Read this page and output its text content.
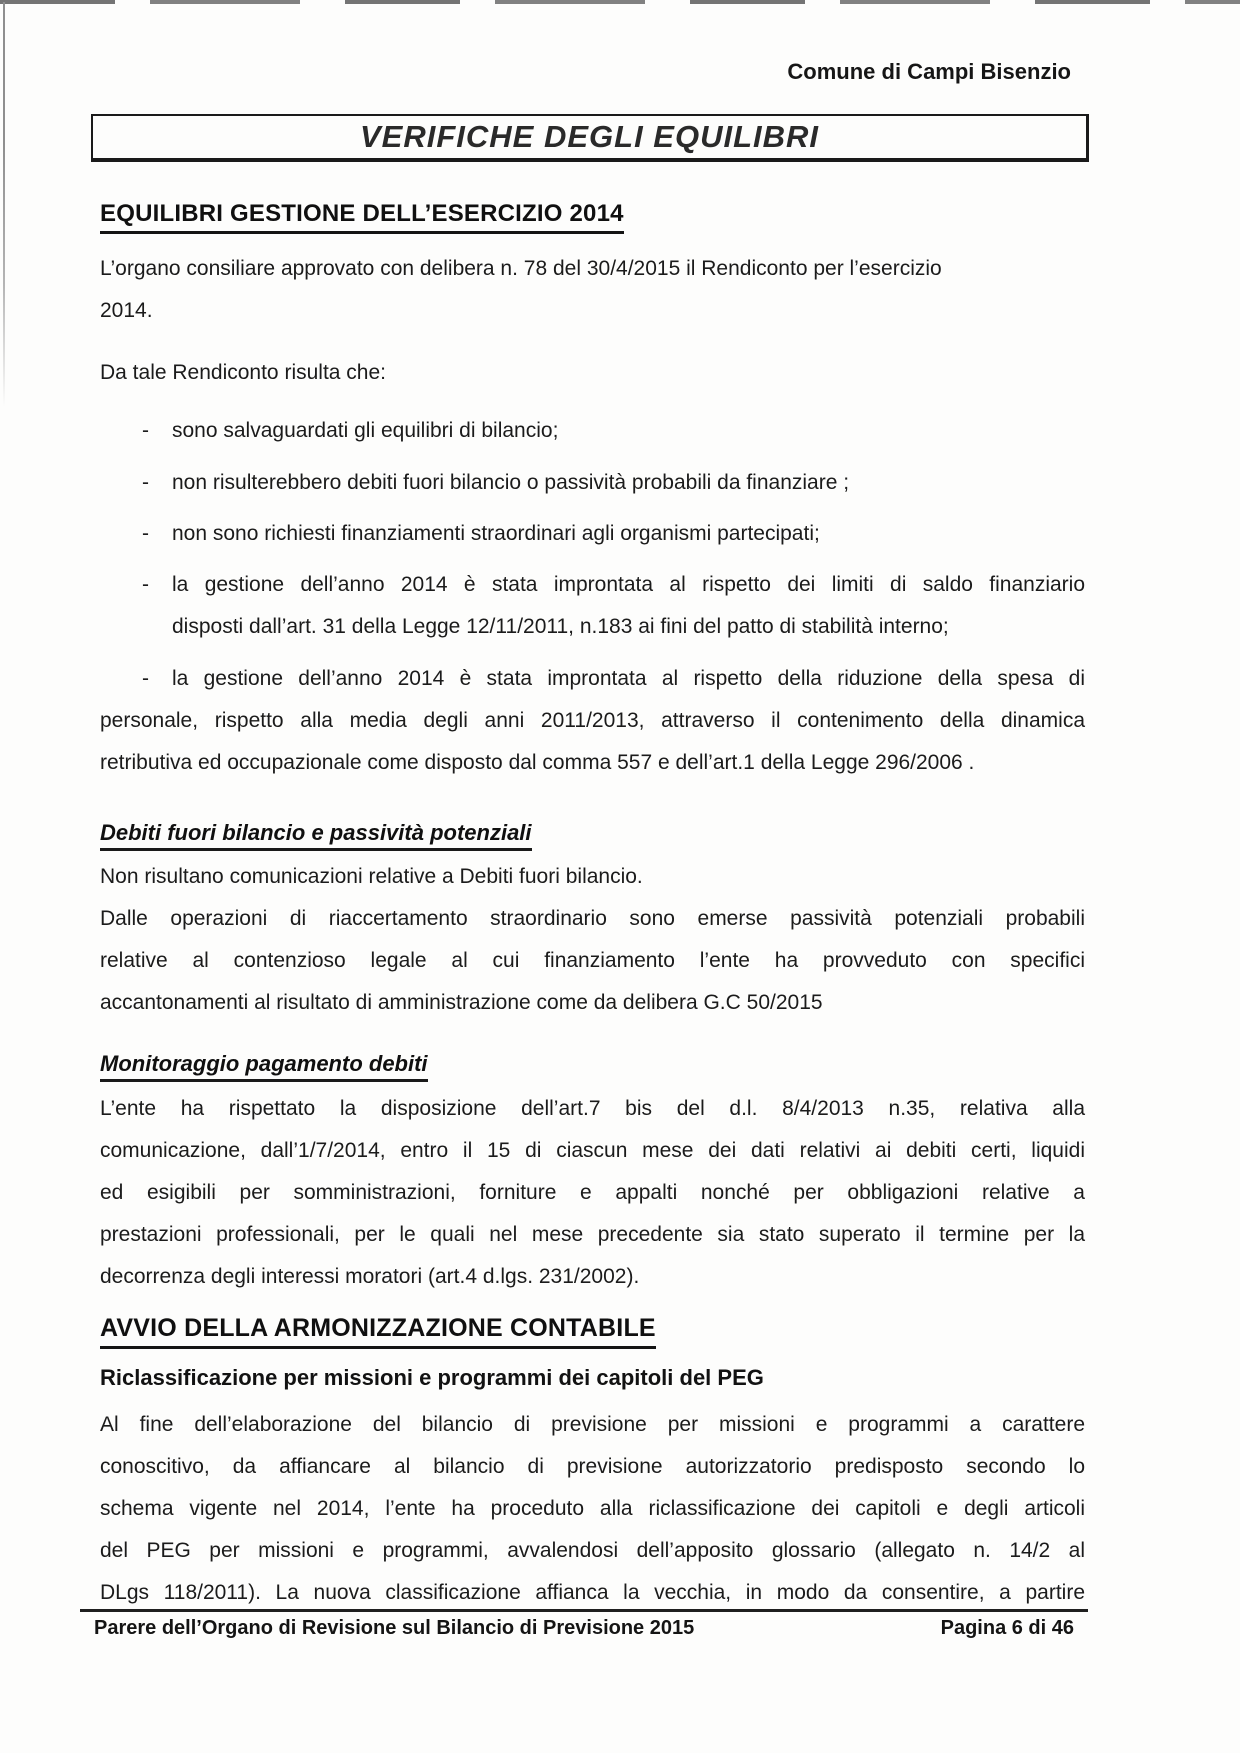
Comune di Campi Bisenzio
VERIFICHE DEGLI EQUILIBRI
EQUILIBRI GESTIONE DELL’ESERCIZIO 2014
L’organo consiliare approvato con delibera n. 78 del 30/4/2015 il Rendiconto per l’esercizio
2014.
Da tale Rendiconto risulta che:
- sono salvaguardati gli equilibri di bilancio;
- non risulterebbero debiti fuori bilancio o passività probabili da finanziare ;
- non sono richiesti finanziamenti straordinari agli organismi partecipati;
- la gestione dell’anno 2014 è stata improntata al rispetto dei limiti di saldo finanziario
disposti dall’art. 31 della Legge 12/11/2011, n.183 ai fini del patto di stabilità interno;
- la gestione dell’anno 2014 è stata improntata al rispetto della riduzione della spesa di
personale, rispetto alla media degli anni 2011/2013, attraverso il contenimento della dinamica
retributiva ed occupazionale come disposto dal comma 557 e dell’art.1 della Legge 296/2006 .
Debiti fuori bilancio e passività potenziali
Non risultano comunicazioni relative a Debiti fuori bilancio.
Dalle operazioni di riaccertamento straordinario sono emerse passività potenziali probabili
relative al contenzioso legale al cui finanziamento l’ente ha provveduto con specifici
accantonamenti al risultato di amministrazione come da delibera G.C 50/2015
Monitoraggio pagamento debiti
L’ente ha rispettato la disposizione dell’art.7 bis del d.l. 8/4/2013 n.35, relativa alla
comunicazione, dall’1/7/2014, entro il 15 di ciascun mese dei dati relativi ai debiti certi, liquidi
ed esigibili per somministrazioni, forniture e appalti nonché per obbligazioni relative a
prestazioni professionali, per le quali nel mese precedente sia stato superato il termine per la
decorrenza degli interessi moratori (art.4 d.lgs. 231/2002).
AVVIO DELLA ARMONIZZAZIONE CONTABILE
Riclassificazione per missioni e programmi dei capitoli del PEG
Al fine dell’elaborazione del bilancio di previsione per missioni e programmi a carattere
conoscitivo, da affiancare al bilancio di previsione autorizzatorio predisposto secondo lo
schema vigente nel 2014, l’ente ha proceduto alla riclassificazione dei capitoli e degli articoli
del PEG per missioni e programmi, avvalendosi dell’apposito glossario (allegato n. 14/2 al
DLgs 118/2011). La nuova classificazione affianca la vecchia, in modo da consentire, a partire
Parere dell’Organo di Revisione sul Bilancio di Previsione 2015	Pagina 6 di 46
